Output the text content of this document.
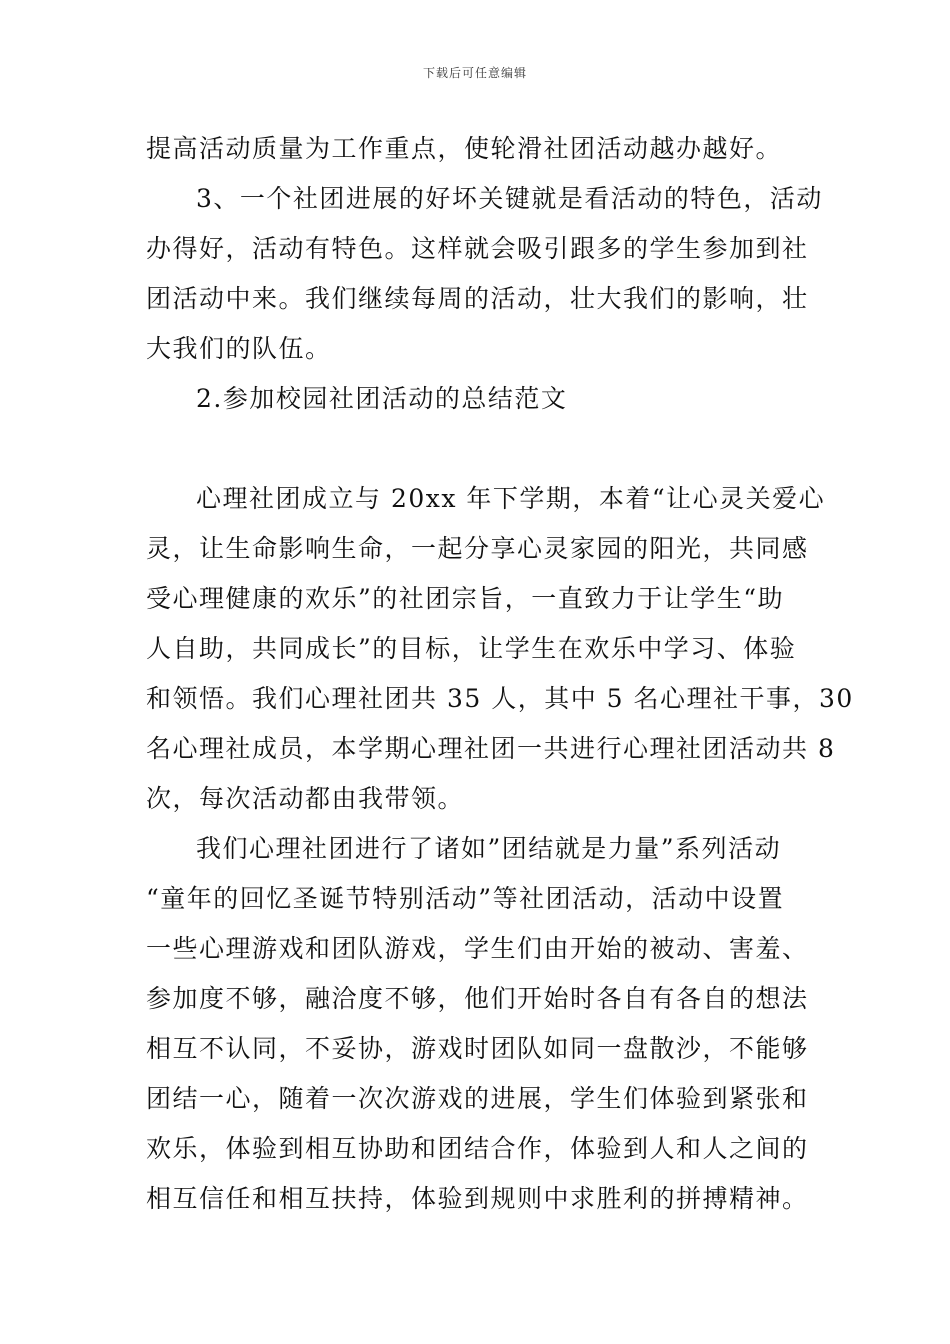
下载后可任意编辑
提高活动质量为工作重点，使轮滑社团活动越办越好。
3、一个社团进展的好坏关键就是看活动的特色，活动
办得好，活动有特色。这样就会吸引跟多的学生参加到社
团活动中来。我们继续每周的活动，壮大我们的影响，壮
大我们的队伍。
2.参加校园社团活动的总结范文
心理社团成立与 20xx 年下学期，本着“让心灵关爱心
灵，让生命影响生命，一起分享心灵家园的阳光，共同感
受心理健康的欢乐”的社团宗旨，一直致力于让学生“助
人自助，共同成长”的目标，让学生在欢乐中学习、体验
和领悟。我们心理社团共 35 人，其中 5 名心理社干事，30
名心理社成员，本学期心理社团一共进行心理社团活动共 8
次，每次活动都由我带领。
我们心理社团进行了诸如”团结就是力量”系列活动
“童年的回忆圣诞节特别活动”等社团活动，活动中设置
一些心理游戏和团队游戏，学生们由开始的被动、害羞、
参加度不够，融洽度不够，他们开始时各自有各自的想法
相互不认同，不妥协，游戏时团队如同一盘散沙，不能够
团结一心，随着一次次游戏的进展，学生们体验到紧张和
欢乐，体验到相互协助和团结合作，体验到人和人之间的
相互信任和相互扶持，体验到规则中求胜利的拼搏精神。
